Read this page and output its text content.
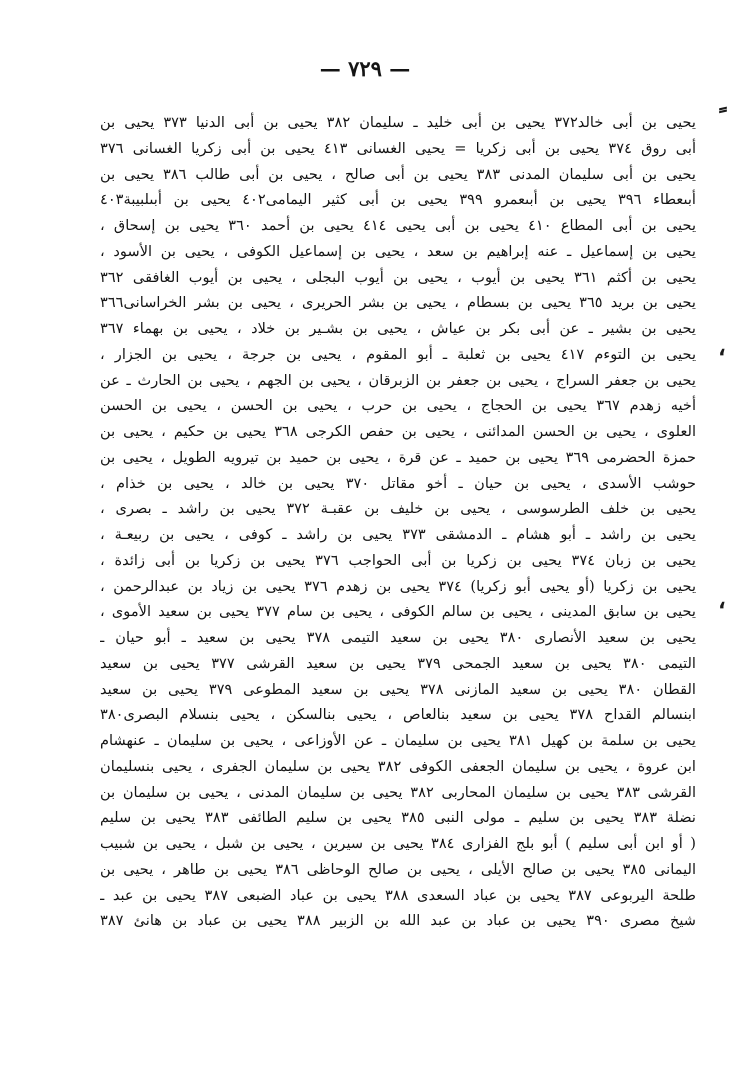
— ٧٢٩ —
،
،
يحيى بن أبى خالد٣٧٢ يحيى بن أبى خليد ـ سليمان ٣٨٢ يحيى بن أبى الدنيا ٣٧٣ يحيى بن
أبى روق ٣٧٤ يحيى بن أبى زكريا = يحيى الغسانى ٤١٣ يحيى بن أبى زكريا الغسانى ٣٧٦
يحيى بن أبى سليمان المدنى ٣٨٣ يحيى بن أبى صالح ، يحيى بن أبى طالب ٣٨٦ يحيى بن
أبىعطاء ٣٩٦ يحيى بن أبىعمرو ٣٩٩ يحيى بن أبى كثير اليمامى٤٠٢ يحيى بن أبىلبيبة٤٠٣
يحيى بن أبى المطاع ٤١٠ يحيى بن أبى يحيى ٤١٤ يحيى بن أحمد ٣٦٠ يحيى بن إسحاق ،
يحيى بن إسماعيل ـ عنه إبراهيم بن سعد ، يحيى بن إسماعيل الكوفى ، يحيى بن الأسود ،
يحيى بن أكثم ٣٦١ يحيى بن أيوب ، يحيى بن أيوب البجلى ، يحيى بن أيوب الغافقى ٣٦٢
يحيى بن بريد ٣٦٥ يحيى بن بسطام ، يحيى بن بشر الحريرى ، يحيى بن بشر الخراسانى٣٦٦
يحيى بن بشير ـ عن أبى بكر بن عياش ، يحيى بن بشـير بن خلاد ، يحيى بن بهماء ٣٦٧
يحيى بن التوءم ٤١٧ يحيى بن ثعلبة ـ أبو المقوم ، يحيى بن جرجة ، يحيى بن الجزار ،
يحيى بن جعفر السراج ، يحيى بن جعفر بن الزبرقان ، يحيى بن الجهم ، يحيى بن الحارث ـ عن
أخيه زهدم ٣٦٧ يحيى بن الحجاج ، يحيى بن حرب ، يحيى بن الحسن ، يحيى بن الحسن
العلوى ، يحيى بن الحسن المدائنى ، يحيى بن حفص الكرجى ٣٦٨ يحيى بن حكيم ، يحيى بن
حمزة الحضرمى ٣٦٩ يحيى بن حميد ـ عن قرة ، يحيى بن حميد بن تيرويه الطويل ، يحيى بن
حوشب الأسدى ، يحيى بن حيان ـ أخو مقاتل ٣٧٠ يحيى بن خالد ، يحيى بن خذام ،
يحيى بن خلف الطرسوسى ، يحيى بن خليف بن عقبـة ٣٧٢ يحيى بن راشد ـ بصرى ،
يحيى بن راشد ـ أبو هشام ـ الدمشقى ٣٧٣ يحيى بن راشد ـ كوفى ، يحيى بن ربيعـة ،
يحيى بن زبان ٣٧٤ يحيى بن زكريا بن أبى الحواجب ٣٧٦ يحيى بن زكريا بن أبى زائدة ،
يحيى بن زكريا (أو يحيى أبو زكريا) ٣٧٤ يحيى بن زهدم ٣٧٦ يحيى بن زياد بن عبدالرحمن ،
يحيى بن سابق المدينى ، يحيى بن سالم الكوفى ، يحيى بن سام ٣٧٧ يحيى بن سعيد الأموى ،
يحيى بن سعيد الأنصارى ٣٨٠ يحيى بن سعيد التيمى ٣٧٨ يحيى بن سعيد ـ أبو حيان ـ
التيمى ٣٨٠ يحيى بن سعيد الجمحى ٣٧٩ يحيى بن سعيد القرشى ٣٧٧ يحيى بن سعيد
القطان ٣٨٠ يحيى بن سعيد المازنى ٣٧٨ يحيى بن سعيد المطوعى ٣٧٩ يحيى بن سعيد
ابنسالم القداح ٣٧٨ يحيى بن سعيد بنالعاص ، يحيى بنالسكن ، يحيى بنسلام البصرى٣٨٠
يحيى بن سلمة بن كهيل ٣٨١ يحيى بن سليمان ـ عن الأوزاعى ، يحيى بن سليمان ـ عنهشام
ابن عروة ، يحيى بن سليمان الجعفى الكوفى ٣٨٢ يحيى بن سليمان الجفرى ، يحيى بنسليمان
القرشى ٣٨٣ يحيى بن سليمان المحاربى ٣٨٢ يحيى بن سليمان المدنى ، يحيى بن سليمان بن
نضلة ٣٨٣ يحيى بن سليم ـ مولى النبى ٣٨٥ يحيى بن سليم الطائفى ٣٨٣ يحيى بن سليم
( أو ابن أبى سليم ) أبو بلج الفزارى ٣٨٤ يحيى بن سيرين ، يحيى بن شبل ، يحيى بن شبيب
اليمانى ٣٨٥ يحيى بن صالح الأيلى ، يحيى بن صالح الوحاظى ٣٨٦ يحيى بن طاهر ، يحيى بن
طلحة اليربوعى ٣٨٧ يحيى بن عباد السعدى ٣٨٨ يحيى بن عباد الضبعى ٣٨٧ يحيى بن عبد ـ
شيخ مصرى ٣٩٠ يحيى بن عباد بن عبد الله بن الزبير ٣٨٨ يحيى بن عباد بن هانئ ٣٨٧
